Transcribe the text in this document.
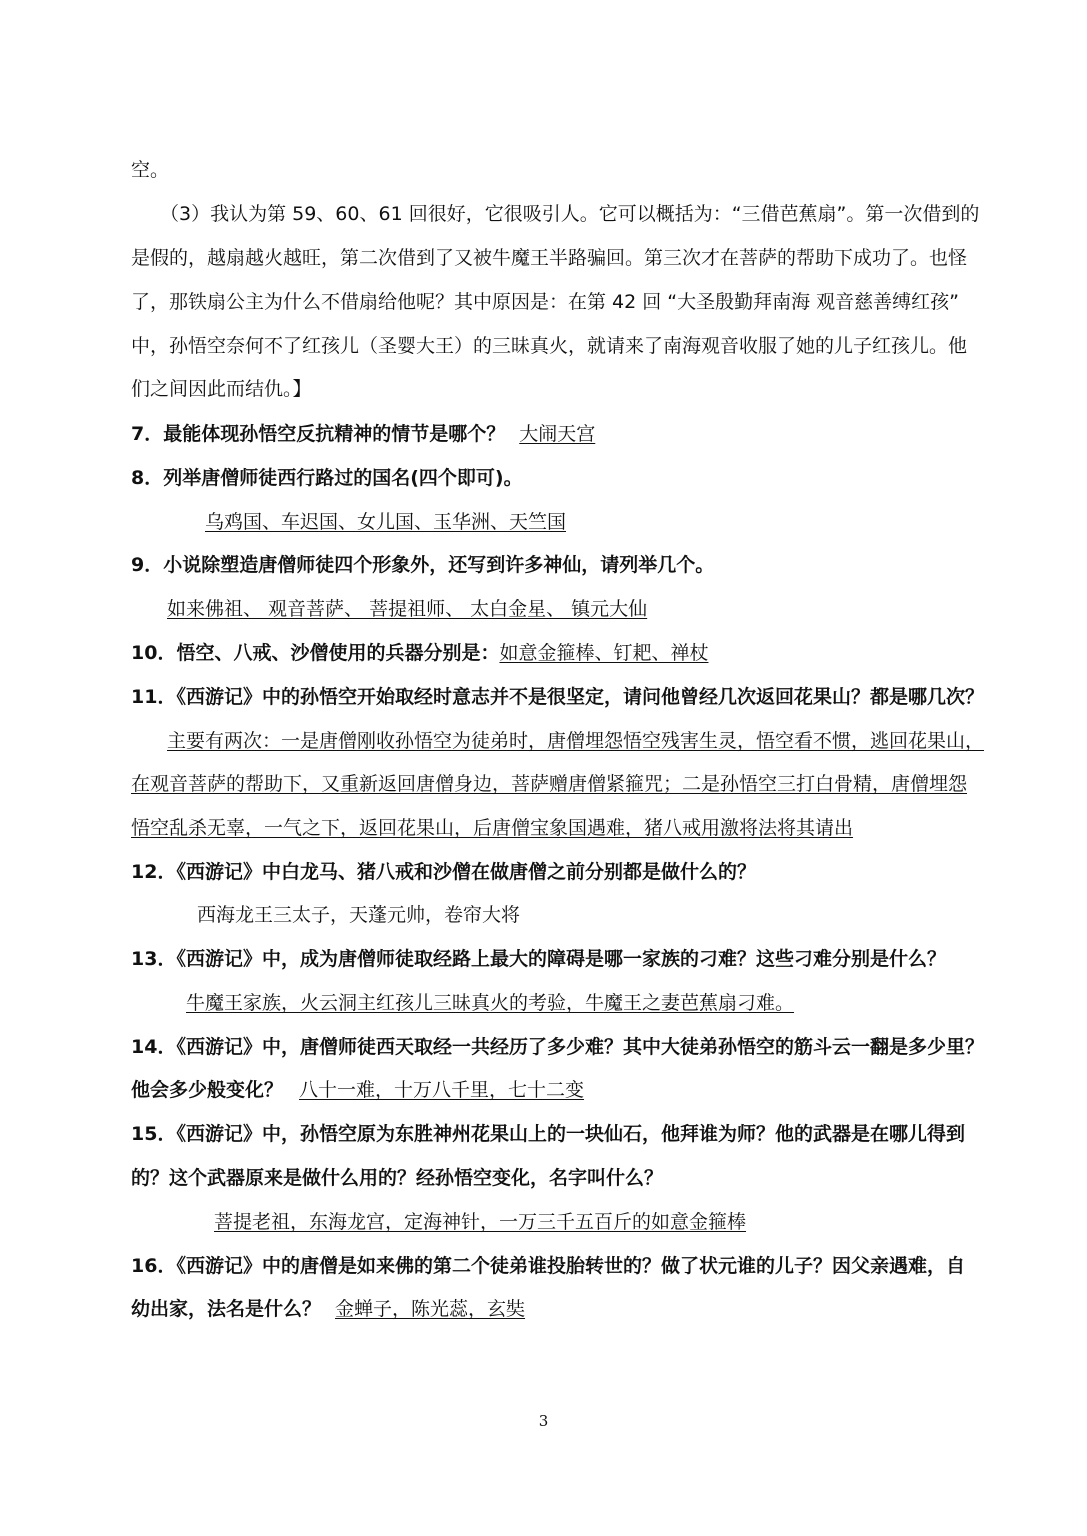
空。
（3）我认为第 59、60、61 回很好，它很吸引人。它可以概括为：“三借芭蕉扇”。第一次借到的
是假的，越扇越火越旺，第二次借到了又被牛魔王半路骗回。第三次才在菩萨的帮助下成功了。也怪
了，那铁扇公主为什么不借扇给他呢？其中原因是：在第 42 回 “大圣殷勤拜南海 观音慈善缚红孩”
中，孙悟空奈何不了红孩儿（圣婴大王）的三昧真火，就请来了南海观音收服了她的儿子红孩儿。他
们之间因此而结仇。】
7．最能体现孙悟空反抗精神的情节是哪个？ 大闹天宫
8．列举唐僧师徒西行路过的国名(四个即可)。
乌鸡国、车迟国、女儿国、玉华洲、天竺国
9．小说除塑造唐僧师徒四个形象外，还写到许多神仙，请列举几个。
如来佛祖、 观音菩萨、 菩提祖师、 太白金星、 镇元大仙
10．悟空、八戒、沙僧使用的兵器分别是：如意金箍棒、钉耙、禅杖
11．《西游记》中的孙悟空开始取经时意志并不是很坚定，请问他曾经几次返回花果山？都是哪几次？
主要有两次：一是唐僧刚收孙悟空为徒弟时，唐僧埋怨悟空残害生灵，悟空看不惯，逃回花果山，
在观音菩萨的帮助下，又重新返回唐僧身边，菩萨赠唐僧紧箍咒；二是孙悟空三打白骨精，唐僧埋怨
悟空乱杀无辜，一气之下，返回花果山，后唐僧宝象国遇难，猪八戒用激将法将其请出
12．《西游记》中白龙马、猪八戒和沙僧在做唐僧之前分别都是做什么的？
西海龙王三太子，天蓬元帅，卷帘大将
13．《西游记》中，成为唐僧师徒取经路上最大的障碍是哪一家族的刁难？这些刁难分别是什么？
牛魔王家族，火云洞主红孩儿三昧真火的考验，牛魔王之妻芭蕉扇刁难。
14．《西游记》中，唐僧师徒西天取经一共经历了多少难？其中大徒弟孙悟空的筋斗云一翻是多少里？
他会多少般变化？ 八十一难，十万八千里，七十二变
15．《西游记》中，孙悟空原为东胜神州花果山上的一块仙石，他拜谁为师？他的武器是在哪儿得到
的？这个武器原来是做什么用的？经孙悟空变化，名字叫什么？
菩提老祖，东海龙宫，定海神针，一万三千五百斤的如意金箍棒
16．《西游记》中的唐僧是如来佛的第二个徒弟谁投胎转世的？做了状元谁的儿子？因父亲遇难，自
幼出家，法名是什么？ 金蝉子，陈光蕊，玄奘
3
